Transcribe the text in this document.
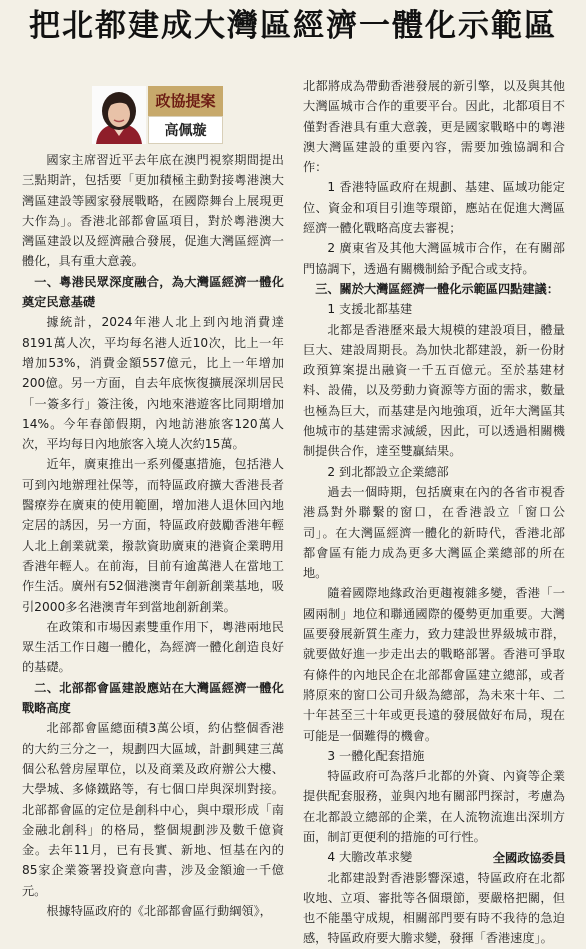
把北都建成大灣區經濟一體化示範區
政協提案
高佩璇

國家主席習近平去年底在澳門視察期間提出三點期許，包括要「更加積極主動對接粵港澳大灣區建設等國家發展戰略，在國際舞台上展現更大作為」。香港北部都會區項目，對於粵港澳大灣區建設以及經濟融合發展，促進大灣區經濟一體化，具有重大意義。

一、粵港民眾深度融合，為大灣區經濟一體化奠定民意基礎

據統計，2024年港人北上到內地消費達8191萬人次，平均每名港人近10次，比上一年增加53%，消費金額557億元，比上一年增加200億。另一方面，自去年底恢復擴展深圳居民「一簽多行」簽注後，內地來港遊客比同期增加14%。今年春節假期，內地訪港旅客120萬人次，平均每日內地旅客入境人次約15萬。

近年，廣東推出一系列優惠措施，包括港人可到內地辦理社保等，而特區政府擴大香港長者醫療券在廣東的使用範圍，增加港人退休回內地定居的誘因，另一方面，特區政府鼓勵香港年輕人北上創業就業，撥款資助廣東的港資企業聘用香港年輕人。在前海，目前有逾萬港人在當地工作生活。廣州有52個港澳青年創新創業基地，吸引2000多名港澳青年到當地創新創業。

在政策和市場因素雙重作用下，粵港兩地民眾生活工作日趨一體化，為經濟一體化創造良好的基礎。

二、北部都會區建設應站在大灣區經濟一體化戰略高度

北部都會區總面積3萬公頃，約佔整個香港的大約三分之一，規劃四大區域，計劃興建三萬個公私營房屋單位，以及商業及政府辦公大樓、大學城、多條鐵路等，有七個口岸與深圳對接。北部都會區的定位是創科中心，與中環形成「南金融北創科」的格局，整個規劃涉及數千億資金。去年11月，已有長實、新地、恒基在內的85家企業簽署投資意向書，涉及金額逾一千億元。

根據特區政府的《北部都會區行動綱領》，

北都將成為帶動香港發展的新引擎，以及與其他大灣區城市合作的重要平台。因此，北都項目不僅對香港具有重大意義，更是國家戰略中的粵港澳大灣區建設的重要內容，需要加強協調和合作：

1 香港特區政府在規劃、基建、區域功能定位、資金和項目引進等環節，應站在促進大灣區經濟一體化戰略高度去審視；

2 廣東省及其他大灣區城市合作，在有關部門協調下，透過有關機制給予配合或支持。

三、關於大灣區經濟一體化示範區四點建議：

1 支援北都基建

北都是香港歷來最大規模的建設項目，體量巨大、建設周期長。為加快北都建設，新一份財政預算案提出融資一千五百億元。至於基建材料、設備，以及勞動力資源等方面的需求，數量也極為巨大，而基建是內地強項，近年大灣區其他城市的基建需求減緩，因此，可以透過相關機制提供合作，達至雙贏結果。

2 到北都設立企業總部

過去一個時期，包括廣東在內的各省市視香港爲對外聯繫的窗口，在香港設立「窗口公司」。在大灣區經濟一體化的新時代，香港北部都會區有能力成為更多大灣區企業總部的所在地。

隨着國際地緣政治更趨複雜多變，香港「一國兩制」地位和聯通國際的優勢更加重要。大灣區要發展新質生產力，致力建設世界級城市群，就要做好進一步走出去的戰略部署。香港可爭取有條件的內地民企在北部都會區建立總部，或者將原來的窗口公司升級為總部，為未來十年、二十年甚至三十年或更長遠的發展做好布局，現在可能是一個難得的機會。

3 一體化配套措施

特區政府可為落戶北都的外資、內資等企業提供配套服務，並與內地有關部門探討，考慮為在北都設立總部的企業，在人流物流進出深圳方面，制訂更便利的措施的可行性。

4 大膽改革求變

北都建設對香港影響深遠，特區政府在北都收地、立項、審批等各個環節，要嚴格把關，但也不能墨守成規，相關部門要有時不我待的急迫感，特區政府要大膽求變，發揮「香港速度」。

全國政協委員
